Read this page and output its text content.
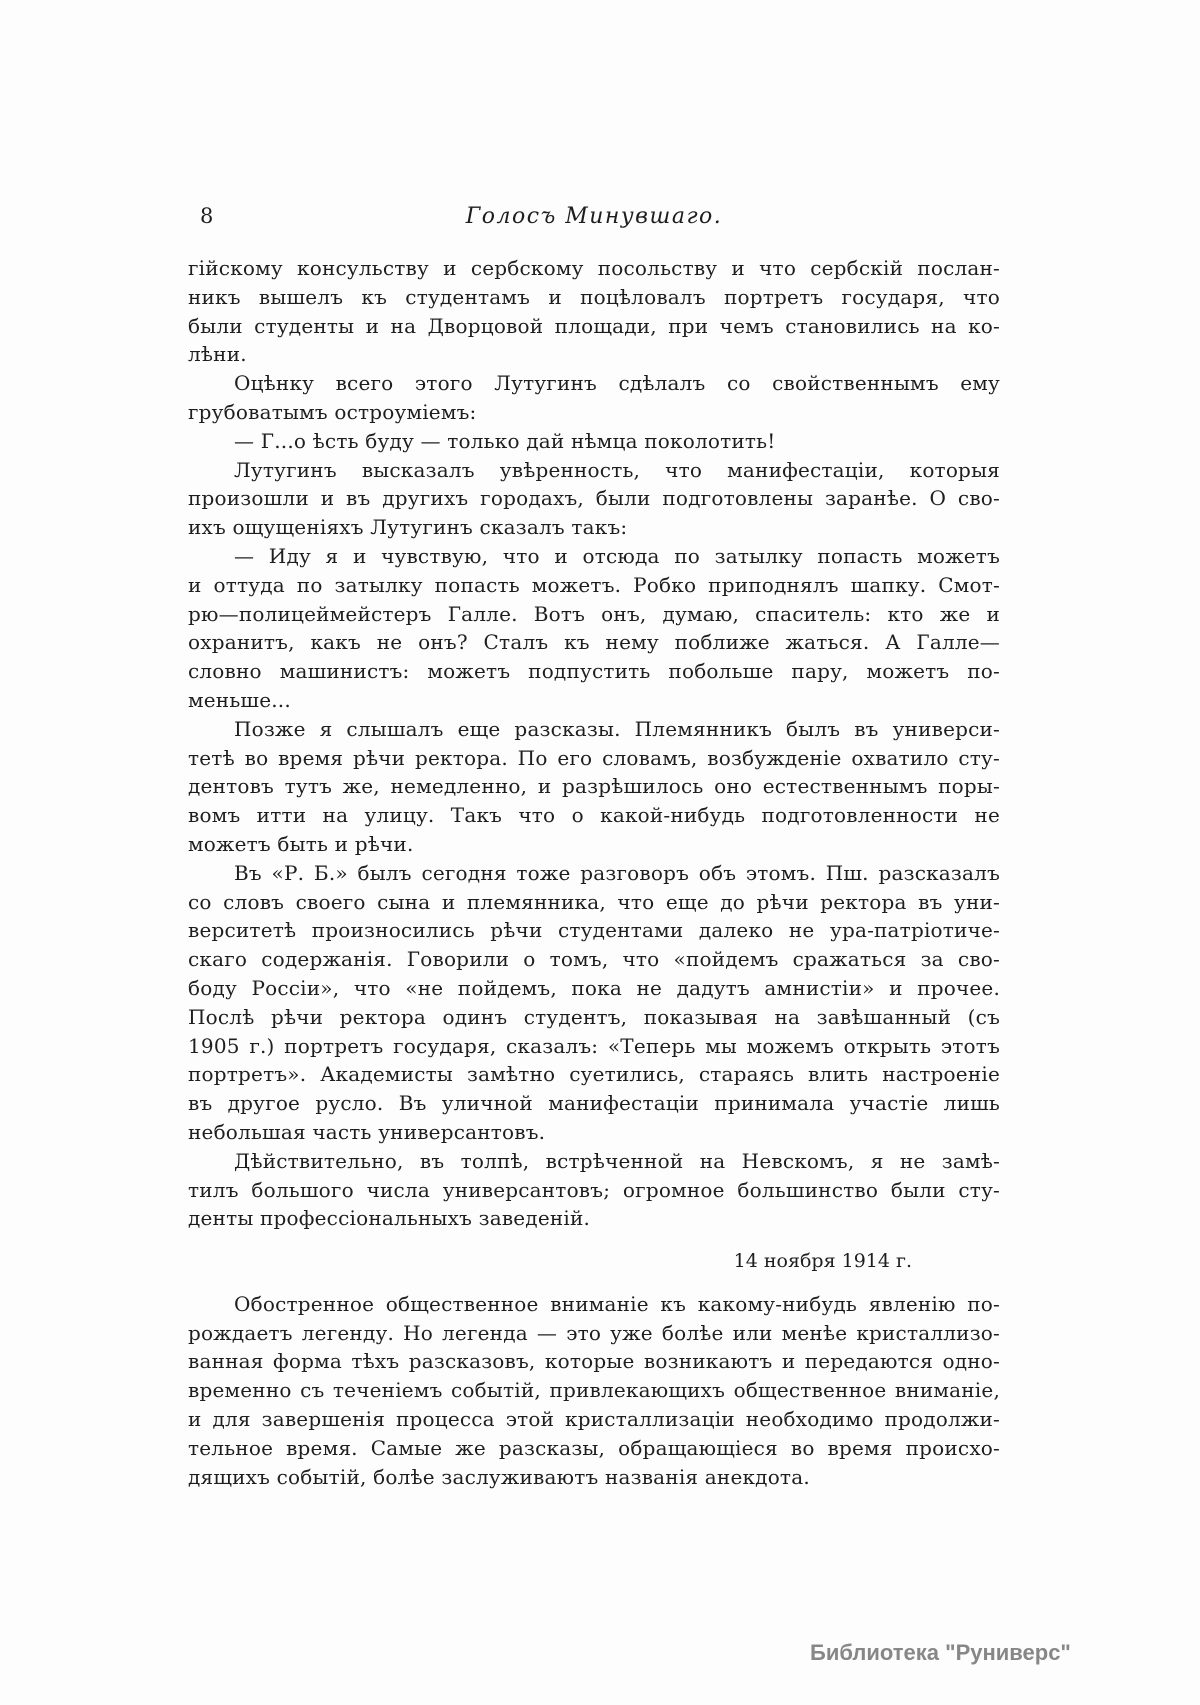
8	Голосъ Минувшаго.
гійскому консульству и сербскому посольству и что сербскій послан-
никъ вышелъ къ студентамъ и поцѣловалъ портретъ государя, что
были студенты и на Дворцовой площади, при чемъ становились на ко-
лѣни.
Оцѣнку всего этого Лутугинъ сдѣлалъ со свойственнымъ ему
грубоватымъ остроуміемъ:
— Г...о ѣсть буду — только дай нѣмца поколотить!
Лутугинъ высказалъ увѣренность, что манифестаціи, которыя
произошли и въ другихъ городахъ, были подготовлены заранѣе. О сво-
ихъ ощущеніяхъ Лутугинъ сказалъ такъ:
— Иду я и чувствую, что и отсюда по затылку попасть можетъ
и оттуда по затылку попасть можетъ. Робко приподнялъ шапку. Смот-
рю—полицеймейстеръ Галле. Вотъ онъ, думаю, спаситель: кто же и
охранитъ, какъ не онъ? Сталъ къ нему поближе жаться. А Галле—
словно машинистъ: можетъ подпустить побольше пару, можетъ по-
меньше...
Позже я слышалъ еще разсказы. Племянникъ былъ въ универси-
тетѣ во время рѣчи ректора. По его словамъ, возбужденіе охватило сту-
дентовъ тутъ же, немедленно, и разрѣшилось оно естественнымъ поры-
вомъ итти на улицу. Такъ что о какой-нибудь подготовленности не
можетъ быть и рѣчи.
Въ «Р. Б.» былъ сегодня тоже разговоръ объ этомъ. Пш. разсказалъ
со словъ своего сына и племянника, что еще до рѣчи ректора въ уни-
верситетѣ произносились рѣчи студентами далеко не ура-патріотиче-
скаго содержанія. Говорили о томъ, что «пойдемъ сражаться за сво-
боду Россіи», что «не пойдемъ, пока не дадутъ амнистіи» и прочее.
Послѣ рѣчи ректора одинъ студентъ, показывая на завѣшанный (съ
1905 г.) портретъ государя, сказалъ: «Теперь мы можемъ открыть этотъ
портретъ». Академисты замѣтно суетились, стараясь влить настроеніе
въ другое русло. Въ уличной манифестаціи принимала участіе лишь
небольшая часть универсантовъ.
Дѣйствительно, въ толпѣ, встрѣченной на Невскомъ, я не замѣ-
тилъ большого числа универсантовъ; огромное большинство были сту-
денты профессіональныхъ заведеній.
14 ноября 1914 г.
Обостренное общественное вниманіе къ какому-нибудь явленію по-
рождаетъ легенду. Но легенда — это уже болѣе или менѣе кристаллизо-
ванная форма тѣхъ разсказовъ, которые возникаютъ и передаются одно-
временно съ теченіемъ событій, привлекающихъ общественное вниманіе,
и для завершенія процесса этой кристаллизаціи необходимо продолжи-
тельное время. Самые же разсказы, обращающіеся во время происхо-
дящихъ событій, болѣе заслуживаютъ названія анекдота.
Библиотека "Руниверс"
